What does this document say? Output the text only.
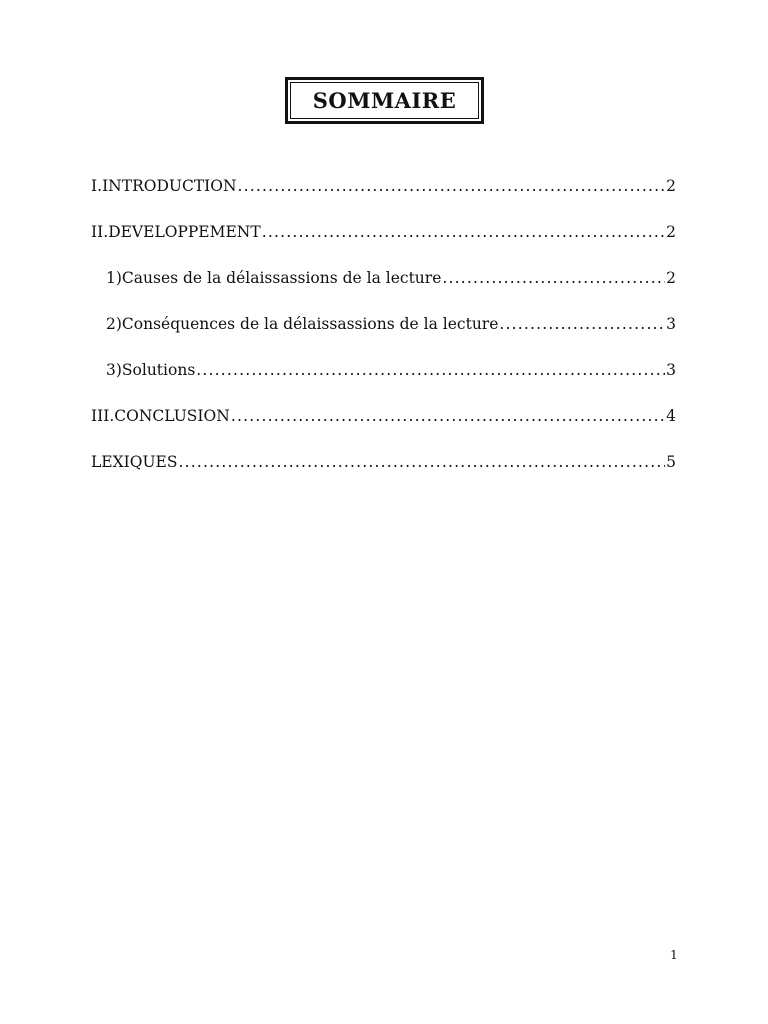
SOMMAIRE
I. INTRODUCTION .....	2
II. DEVELOPPEMENT .....	2
1) Causes de la délaissassions de la lecture .....	2
2) Conséquences de la délaissassions de la lecture .....	3
3) Solutions .....	3
III. CONCLUSION .....	4
LEXIQUES .....	5
1
